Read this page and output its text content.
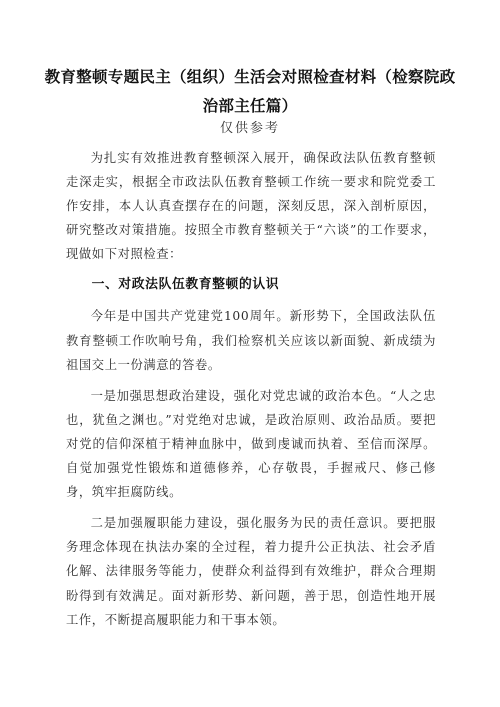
教育整顿专题民主（组织）生活会对照检查材料（检察院政治部主任篇）
仅供参考

为扎实有效推进教育整顿深入展开，确保政法队伍教育整顿走深走实，根据全市政法队伍教育整顿工作统一要求和院党委工作安排，本人认真查摆存在的问题，深刻反思，深入剖析原因，研究整改对策措施。按照全市教育整顿关于“六谈”的工作要求，现做如下对照检查：

一、对政法队伍教育整顿的认识

今年是中国共产党建党100周年。新形势下，全国政法队伍教育整顿工作吹响号角，我们检察机关应该以新面貌、新成绩为祖国交上一份满意的答卷。

一是加强思想政治建设，强化对党忠诚的政治本色。“人之忠也，犹鱼之渊也。”对党绝对忠诚，是政治原则、政治品质。要把对党的信仰深植于精神血脉中，做到虔诚而执着、至信而深厚。自觉加强党性锻炼和道德修养，心存敬畏，手握戒尺、修己修身，筑牢拒腐防线。

二是加强履职能力建设，强化服务为民的责任意识。要把服务理念体现在执法办案的全过程，着力提升公正执法、社会矛盾化解、法律服务等能力，使群众利益得到有效维护，群众合理期盼得到有效满足。面对新形势、新问题，善于思，创造性地开展工作，不断提高履职能力和干事本领。
